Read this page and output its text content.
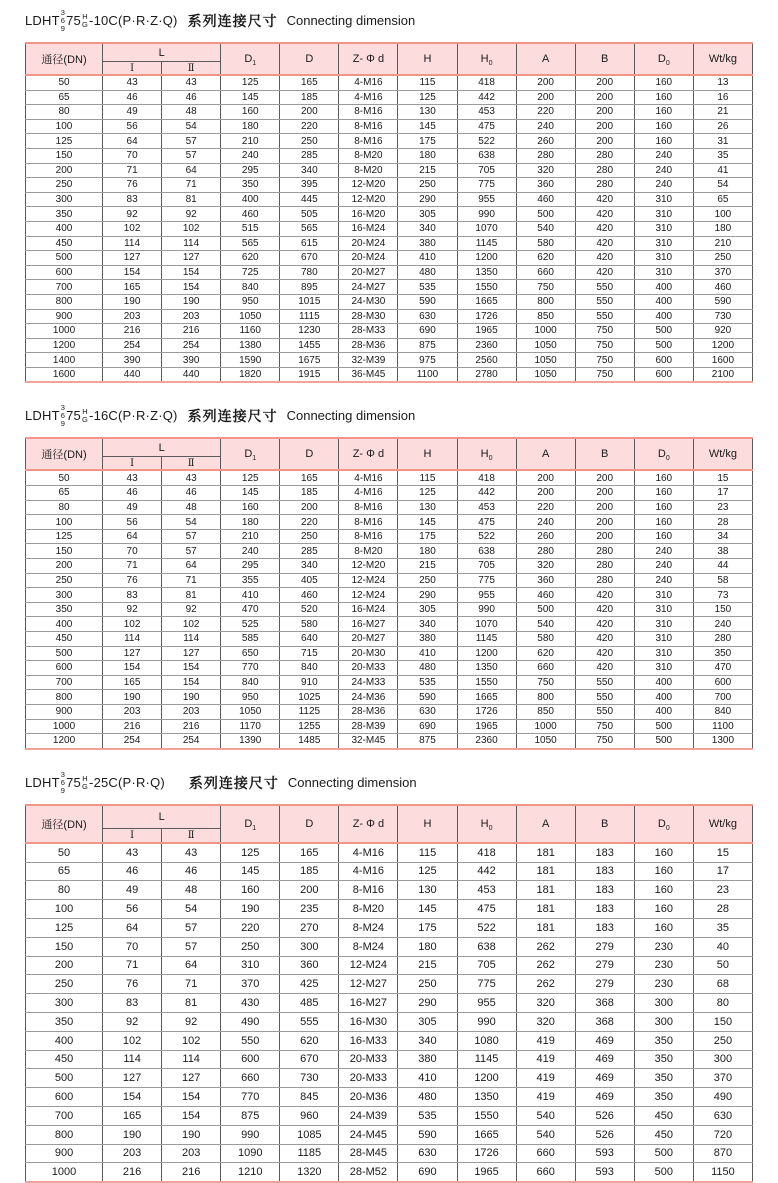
LDHT
3
6
9
75 H
G -10C(P·R·Z·Q) 系列连接尺寸 Connecting dimension
通径(DN)	L		$D_1$	D	Z- Φ d	H	$H_0$	A	B	$D_0$	Wt/kg
	Ⅰ	Ⅱ									
50	43	43	125	165	4-M16	115	418	200	200	160	13
65	46	46	145	185	4-M16	125	442	200	200	160	16
80	49	48	160	200	8-M16	130	453	220	200	160	21
100	56	54	180	220	8-M16	145	475	240	200	160	26
125	64	57	210	250	8-M16	175	522	260	200	160	31
150	70	57	240	285	8-M20	180	638	280	280	240	35
200	71	64	295	340	8-M20	215	705	320	280	240	41
250	76	71	350	395	12-M20	250	775	360	280	240	54
300	83	81	400	445	12-M20	290	955	460	420	310	65
350	92	92	460	505	16-M20	305	990	500	420	310	100
400	102	102	515	565	16-M24	340	1070	540	420	310	180
450	114	114	565	615	20-M24	380	1145	580	420	310	210
500	127	127	620	670	20-M24	410	1200	620	420	310	250
600	154	154	725	780	20-M27	480	1350	660	420	310	370
700	165	154	840	895	24-M27	535	1550	750	550	400	460
800	190	190	950	1015	24-M30	590	1665	800	550	400	590
900	203	203	1050	1115	28-M30	630	1726	850	550	400	730
1000	216	216	1160	1230	28-M33	690	1965	1000	750	500	920
1200	254	254	1380	1455	28-M36	875	2360	1050	750	500	1200
1400	390	390	1590	1675	32-M39	975	2560	1050	750	600	1600
1600	440	440	1820	1915	36-M45	1100	2780	1050	750	600	2100
LDHT
3
6
9
75 H
G -16C(P·R·Z·Q) 系列连接尺寸 Connecting dimension
通径(DN)	L		$D_1$	D	Z- Φ d	H	$H_0$	A	B	$D_0$	Wt/kg
	Ⅰ	Ⅱ									
50	43	43	125	165	4-M16	115	418	200	200	160	15
65	46	46	145	185	4-M16	125	442	200	200	160	17
80	49	48	160	200	8-M16	130	453	220	200	160	23
100	56	54	180	220	8-M16	145	475	240	200	160	28
125	64	57	210	250	8-M16	175	522	260	200	160	34
150	70	57	240	285	8-M20	180	638	280	280	240	38
200	71	64	295	340	12-M20	215	705	320	280	240	44
250	76	71	355	405	12-M24	250	775	360	280	240	58
300	83	81	410	460	12-M24	290	955	460	420	310	73
350	92	92	470	520	16-M24	305	990	500	420	310	150
400	102	102	525	580	16-M27	340	1070	540	420	310	240
450	114	114	585	640	20-M27	380	1145	580	420	310	280
500	127	127	650	715	20-M30	410	1200	620	420	310	350
600	154	154	770	840	20-M33	480	1350	660	420	310	470
700	165	154	840	910	24-M33	535	1550	750	550	400	600
800	190	190	950	1025	24-M36	590	1665	800	550	400	700
900	203	203	1050	1125	28-M36	630	1726	850	550	400	840
1000	216	216	1170	1255	28-M39	690	1965	1000	750	500	1100
1200	254	254	1390	1485	32-M45	875	2360	1050	750	500	1300
LDHT
3
6
9
75 H
G -25C(P·R·Q) 系列连接尺寸 Connecting dimension
通径(DN)	L		$D_1$	D	Z- Φ d	H	$H_0$	A	B	$D_0$	Wt/kg
	Ⅰ	Ⅱ									
50	43	43	125	165	4-M16	115	418	181	183	160	15
65	46	46	145	185	4-M16	125	442	181	183	160	17
80	49	48	160	200	8-M16	130	453	181	183	160	23
100	56	54	190	235	8-M20	145	475	181	183	160	28
125	64	57	220	270	8-M24	175	522	181	183	160	35
150	70	57	250	300	8-M24	180	638	262	279	230	40
200	71	64	310	360	12-M24	215	705	262	279	230	50
250	76	71	370	425	12-M27	250	775	262	279	230	68
300	83	81	430	485	16-M27	290	955	320	368	300	80
350	92	92	490	555	16-M30	305	990	320	368	300	150
400	102	102	550	620	16-M33	340	1080	419	469	350	250
450	114	114	600	670	20-M33	380	1145	419	469	350	300
500	127	127	660	730	20-M33	410	1200	419	469	350	370
600	154	154	770	845	20-M36	480	1350	419	469	350	490
700	165	154	875	960	24-M39	535	1550	540	526	450	630
800	190	190	990	1085	24-M45	590	1665	540	526	450	720
900	203	203	1090	1185	28-M45	630	1726	660	593	500	870
1000	216	216	1210	1320	28-M52	690	1965	660	593	500	1150
